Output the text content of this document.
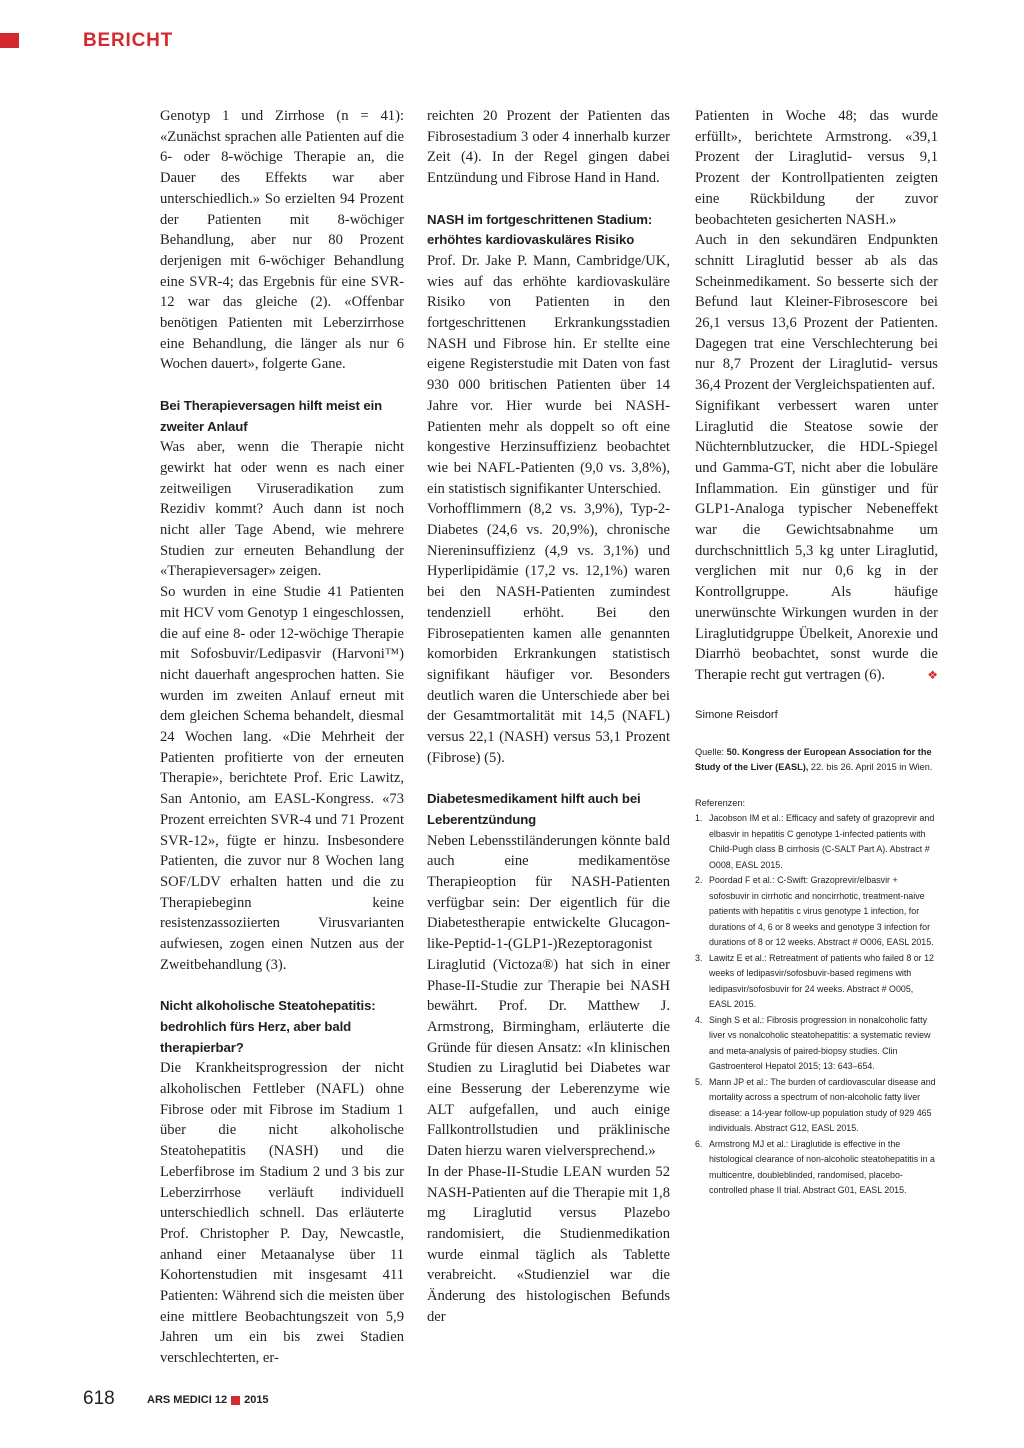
BERICHT

Genotyp 1 und Zirrhose (n = 41): «Zunächst sprachen alle Patienten auf die 6- oder 8-wöchige Therapie an, die Dauer des Effekts war aber unterschiedlich.» So erzielten 94 Prozent der Patienten mit 8-wöchiger Behandlung, aber nur 80 Prozent derjenigen mit 6-wöchiger Behandlung eine SVR-4; das Ergebnis für eine SVR-12 war das gleiche (2). «Offenbar benötigen Patienten mit Leberzirrhose eine Behandlung, die länger als nur 6 Wochen dauert», folgerte Gane.

Bei Therapieversagen hilft meist ein zweiter Anlauf

Was aber, wenn die Therapie nicht gewirkt hat oder wenn es nach einer zeitweiligen Viruseradikation zum Rezidiv kommt? Auch dann ist noch nicht aller Tage Abend, wie mehrere Studien zur erneuten Behandlung der «Therapieversager» zeigen.

So wurden in eine Studie 41 Patienten mit HCV vom Genotyp 1 eingeschlossen, die auf eine 8- oder 12-wöchige Therapie mit Sofosbuvir/Ledipasvir (Harvoni™) nicht dauerhaft angesprochen hatten. Sie wurden im zweiten Anlauf erneut mit dem gleichen Schema behandelt, diesmal 24 Wochen lang. «Die Mehrheit der Patienten profitierte von der erneuten Therapie», berichtete Prof. Eric Lawitz, San Antonio, am EASL-Kongress. «73 Prozent erreichten SVR-4 und 71 Prozent SVR-12», fügte er hinzu. Insbesondere Patienten, die zuvor nur 8 Wochen lang SOF/LDV erhalten hatten und die zu Therapiebeginn keine resistenzassoziierten Virusvarianten aufwiesen, zogen einen Nutzen aus der Zweitbehandlung (3).

Nicht alkoholische Steatohepatitis: bedrohlich fürs Herz, aber bald therapierbar?

Die Krankheitsprogression der nicht alkoholischen Fettleber (NAFL) ohne Fibrose oder mit Fibrose im Stadium 1 über die nicht alkoholische Steatohepatitis (NASH) und die Leberfibrose im Stadium 2 und 3 bis zur Leberzirrhose verläuft individuell unterschiedlich schnell. Das erläuterte Prof. Christopher P. Day, Newcastle, anhand einer Metaanalyse über 11 Kohortenstudien mit insgesamt 411 Patienten: Während sich die meisten über eine mittlere Beobachtungszeit von 5,9 Jahren um ein bis zwei Stadien verschlechterten, er-

reichten 20 Prozent der Patienten das Fibrosestadium 3 oder 4 innerhalb kurzer Zeit (4). In der Regel gingen dabei Entzündung und Fibrose Hand in Hand.

NASH im fortgeschrittenen Stadium: erhöhtes kardiovaskuläres Risiko

Prof. Dr. Jake P. Mann, Cambridge/UK, wies auf das erhöhte kardiovaskuläre Risiko von Patienten in den fortgeschrittenen Erkrankungsstadien NASH und Fibrose hin. Er stellte eine eigene Registerstudie mit Daten von fast 930 000 britischen Patienten über 14 Jahre vor. Hier wurde bei NASH-Patienten mehr als doppelt so oft eine kongestive Herzinsuffizienz beobachtet wie bei NAFL-Patienten (9,0 vs. 3,8%), ein statistisch signifikanter Unterschied.

Vorhofflimmern (8,2 vs. 3,9%), Typ-2-Diabetes (24,6 vs. 20,9%), chronische Niereninsuffizienz (4,9 vs. 3,1%) und Hyperlipidämie (17,2 vs. 12,1%) waren bei den NASH-Patienten zumindest tendenziell erhöht. Bei den Fibrosepatienten kamen alle genannten komorbiden Erkrankungen statistisch signifikant häufiger vor. Besonders deutlich waren die Unterschiede aber bei der Gesamtmortalität mit 14,5 (NAFL) versus 22,1 (NASH) versus 53,1 Prozent (Fibrose) (5).

Diabetesmedikament hilft auch bei Leberentzündung

Neben Lebensstiländerungen könnte bald auch eine medikamentöse Therapieoption für NASH-Patienten verfügbar sein: Der eigentlich für die Diabetestherapie entwickelte Glucagon-like-Peptid-1-(GLP1-)Rezeptoragonist Liraglutid (Victoza®) hat sich in einer Phase-II-Studie zur Therapie bei NASH bewährt. Prof. Dr. Matthew J. Armstrong, Birmingham, erläuterte die Gründe für diesen Ansatz: «In klinischen Studien zu Liraglutid bei Diabetes war eine Besserung der Leberenzyme wie ALT aufgefallen, und auch einige Fallkontrollstudien und präklinische Daten hierzu waren vielversprechend.»

In der Phase-II-Studie LEAN wurden 52 NASH-Patienten auf die Therapie mit 1,8 mg Liraglutid versus Plazebo randomisiert, die Studienmedikation wurde einmal täglich als Tablette verabreicht. «Studienziel war die Änderung des histologischen Befunds der

Patienten in Woche 48; das wurde erfüllt», berichtete Armstrong. «39,1 Prozent der Liraglutid- versus 9,1 Prozent der Kontrollpatienten zeigten eine Rückbildung der zuvor beobachteten gesicherten NASH.»

Auch in den sekundären Endpunkten schnitt Liraglutid besser ab als das Scheinmedikament. So besserte sich der Befund laut Kleiner-Fibrosescore bei 26,1 versus 13,6 Prozent der Patienten. Dagegen trat eine Verschlechterung bei nur 8,7 Prozent der Liraglutid- versus 36,4 Prozent der Vergleichspatienten auf.

Signifikant verbessert waren unter Liraglutid die Steatose sowie der Nüchternblutzucker, die HDL-Spiegel und Gamma-GT, nicht aber die lobuläre Inflammation. Ein günstiger und für GLP1-Analoga typischer Nebeneffekt war die Gewichtsabnahme um durchschnittlich 5,3 kg unter Liraglutid, verglichen mit nur 0,6 kg in der Kontrollgruppe. Als häufige unerwünschte Wirkungen wurden in der Liraglutidgruppe Übelkeit, Anorexie und Diarrhö beobachtet, sonst wurde die Therapie recht gut vertragen (6).	❖

Simone Reisdorf

Quelle: 50. Kongress der European Association for the Study of the Liver (EASL), 22. bis 26. April 2015 in Wien.

Referenzen:

1. Jacobson IM et al.: Efficacy and safety of grazoprevir and elbasvir in hepatitis C genotype 1-infected patients with Child-Pugh class B cirrhosis (C-SALT Part A). Abstract # O008, EASL 2015.
2. Poordad F et al.: C-Swift: Grazoprevir/elbasvir + sofosbuvir in cirrhotic and noncirrhotic, treatment-naive patients with hepatitis c virus genotype 1 infection, for durations of 4, 6 or 8 weeks and genotype 3 infection for durations of 8 or 12 weeks. Abstract # O006, EASL 2015.
3. Lawitz E et al.: Retreatment of patients who failed 8 or 12 weeks of ledipasvir/sofosbuvir-based regimens with ledipasvir/sofosbuvir for 24 weeks. Abstract # O005, EASL 2015.
4. Singh S et al.: Fibrosis progression in nonalcoholic fatty liver vs nonalcoholic steatohepatitis: a systematic review and meta-analysis of paired-biopsy studies. Clin Gastroenterol Hepatol 2015; 13: 643–654.
5. Mann JP et al.: The burden of cardiovascular disease and mortality across a spectrum of non-alcoholic fatty liver disease: a 14-year follow-up population study of 929 465 individuals. Abstract G12, EASL 2015.
6. Armstrong MJ et al.: Liraglutide is effective in the histological clearance of non-alcoholic steatohepatitis in a multicentre, doubleblinded, randomised, placebo-controlled phase II trial. Abstract G01, EASL 2015.
618	ARS MEDICI 12 2015
